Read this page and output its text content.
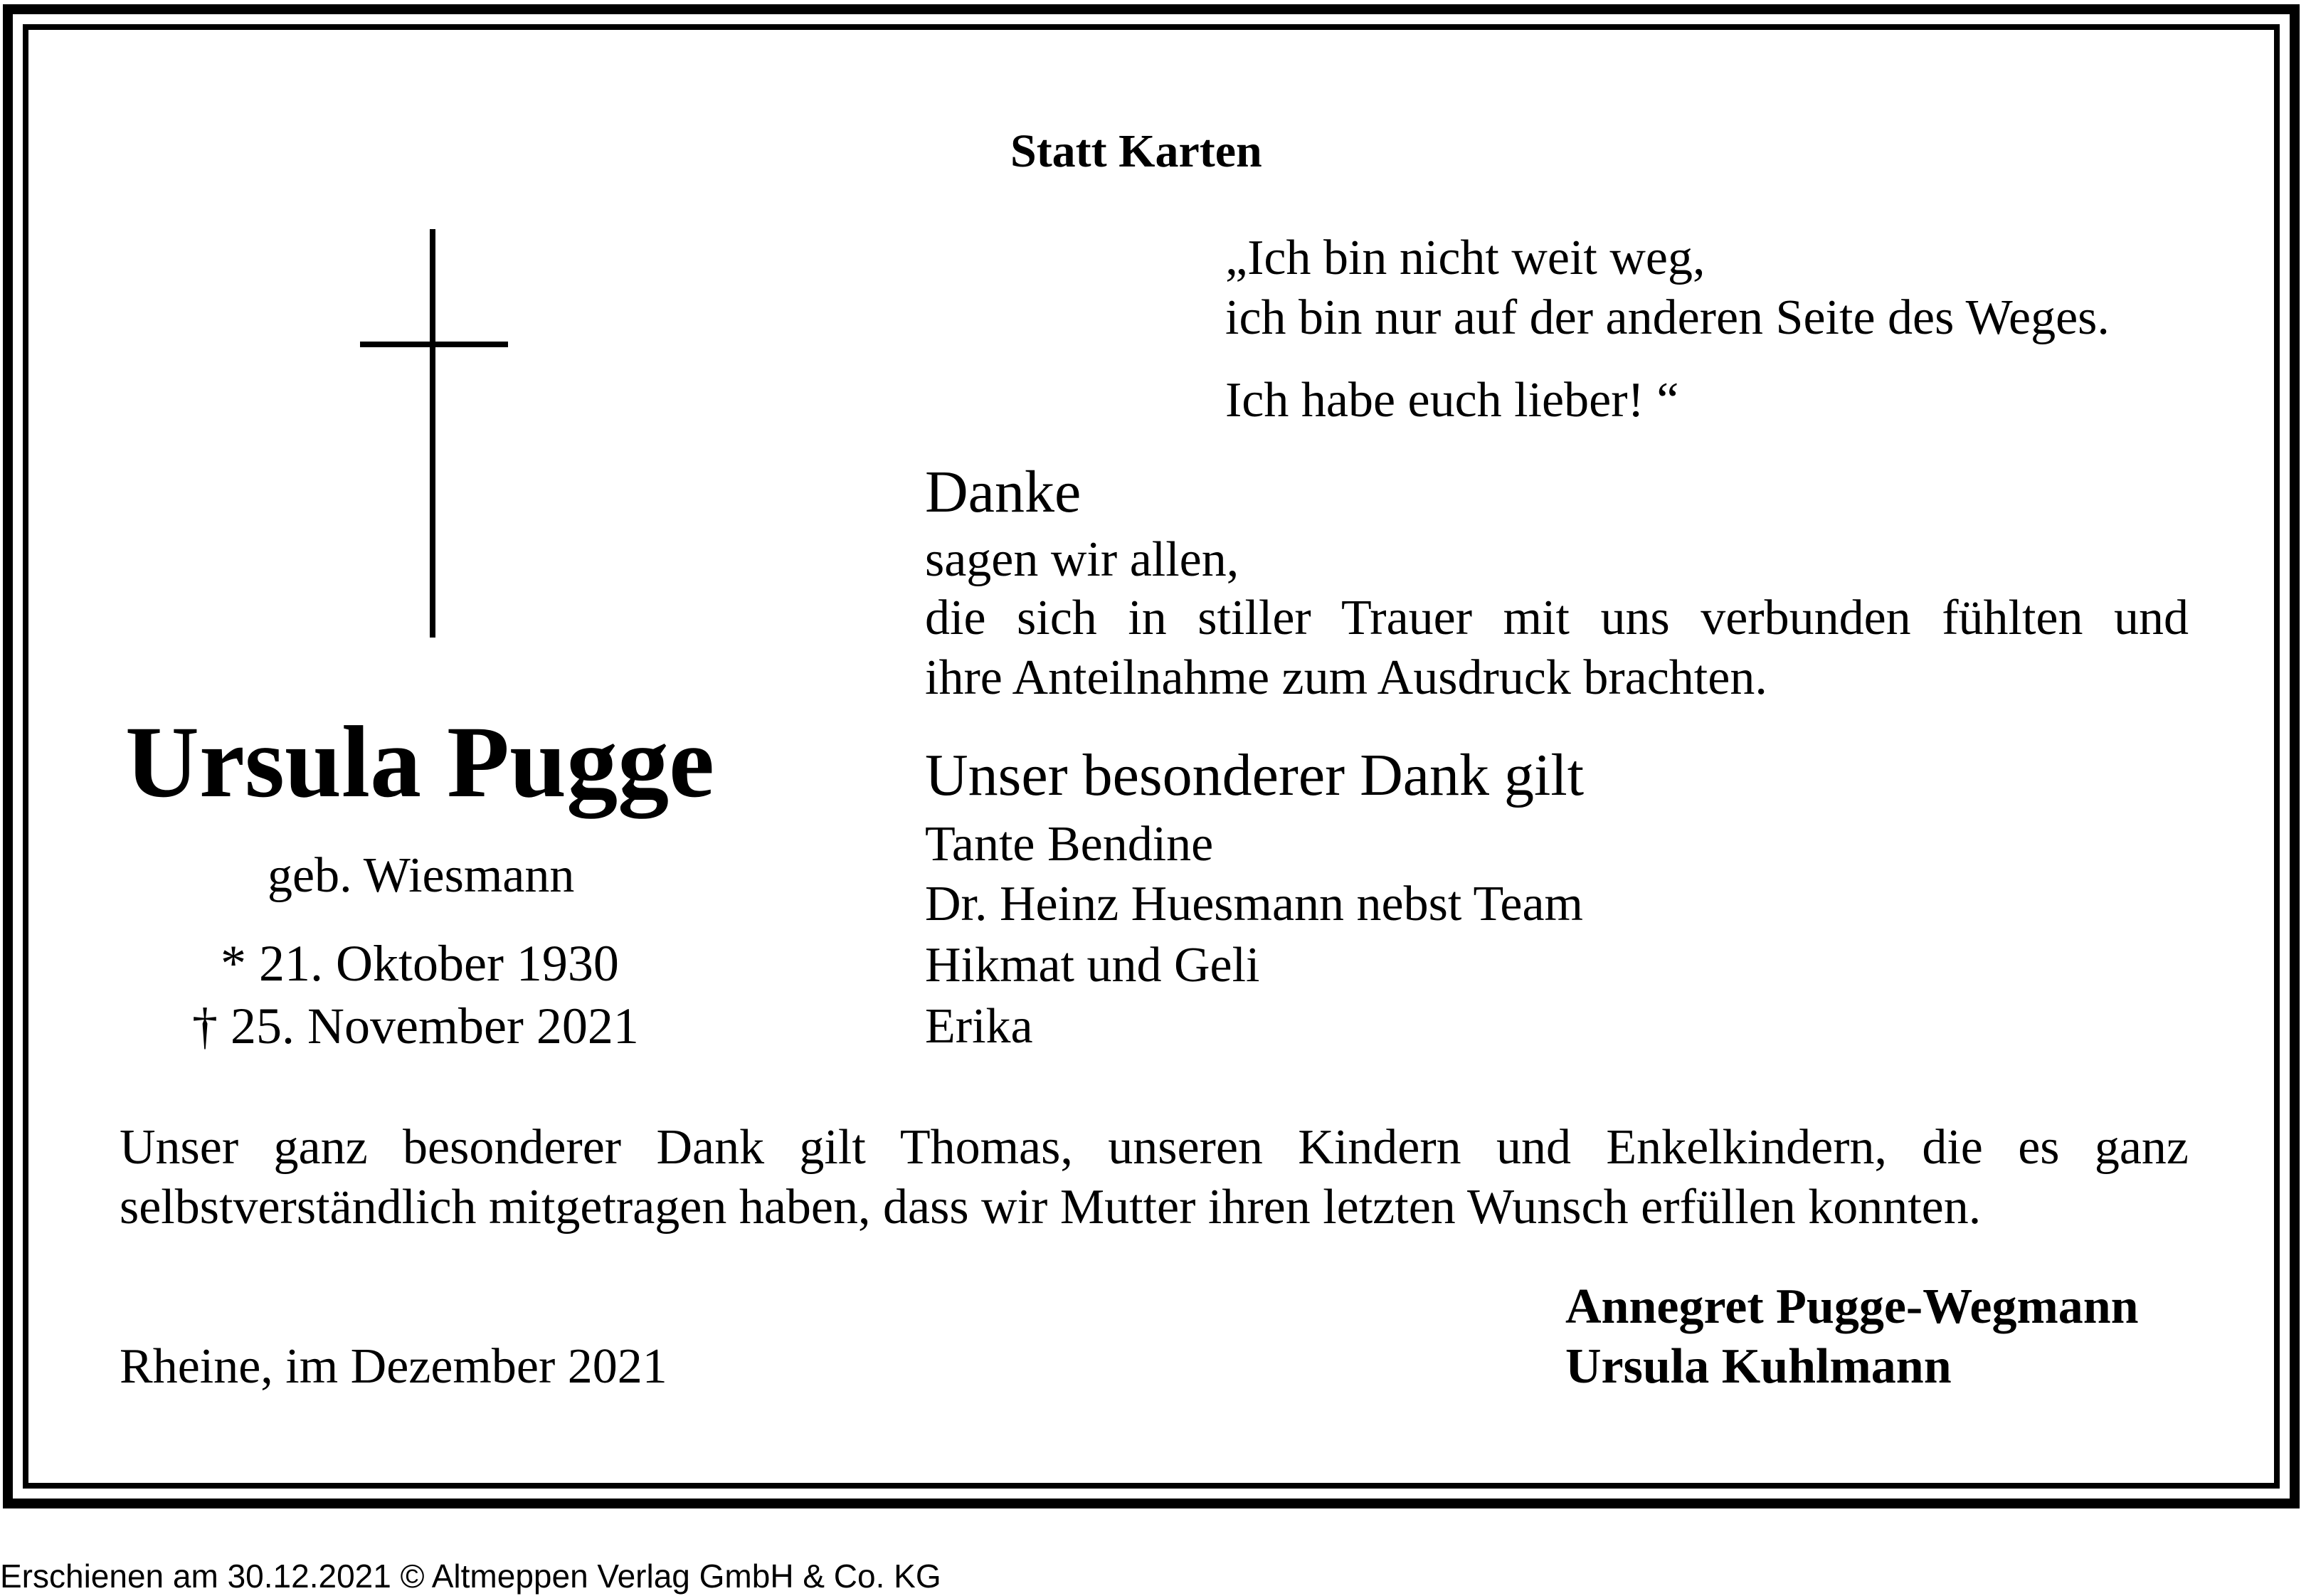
Statt Karten
„Ich bin nicht weit weg,
ich bin nur auf der anderen Seite des Weges.
Ich habe euch lieber! “
Ursula Pugge
geb. Wiesmann
* 21. Oktober 1930
† 25. November 2021
Danke
sagen wir allen,
die sich in stiller Trauer mit uns verbunden fühlten und
ihre Anteilnahme zum Ausdruck brachten.
Unser besonderer Dank gilt
Tante Bendine
Dr. Heinz Huesmann nebst Team
Hikmat und Geli
Erika
Unser ganz besonderer Dank gilt Thomas, unseren Kindern und Enkelkindern, die es ganz
selbstverständlich mitgetragen haben, dass wir Mutter ihren letzten Wunsch erfüllen konnten.
Annegret Pugge-Wegmann
Ursula Kuhlmann
Rheine, im Dezember 2021
Erschienen am 30.12.2021 © Altmeppen Verlag GmbH & Co. KG
